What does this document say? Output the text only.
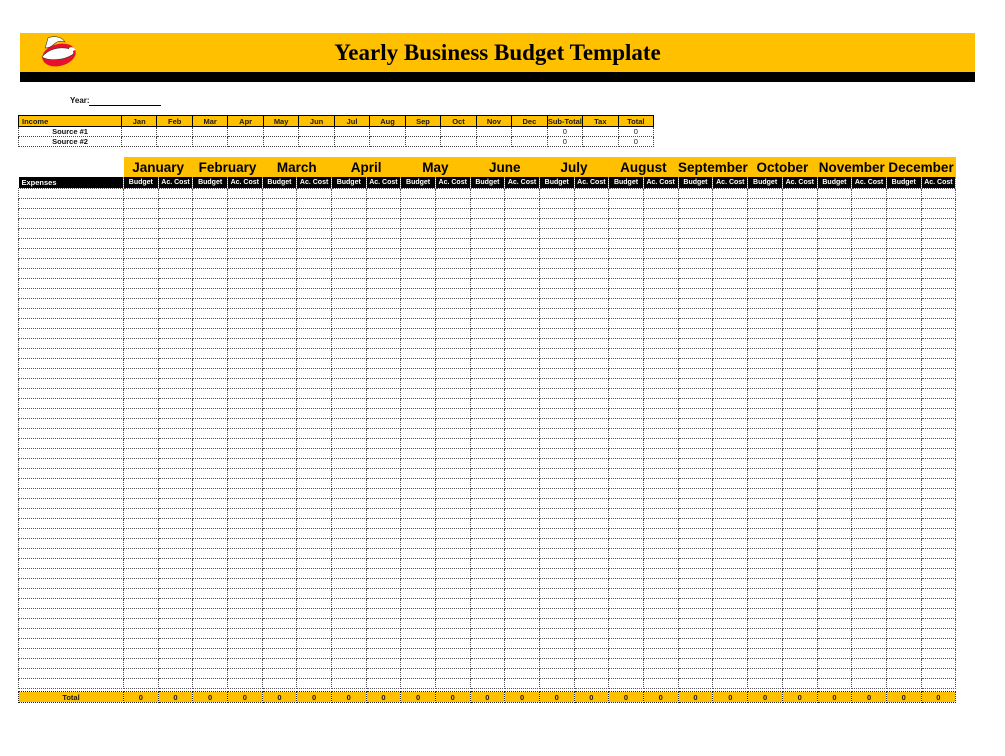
Yearly Business Budget Template
Year:
Income	Jan	Feb	Mar	Apr	May	Jun	Jul	Aug	Sep	Oct	Nov	Dec	Sub-Total	Tax	Total
Source #1													0		0
Source #2													0		0
	January		February		March		April		May		June		July		August		September		October		November		December	
Expenses	Budget	Ac. Cost	Budget	Ac. Cost	Budget	Ac. Cost	Budget	Ac. Cost	Budget	Ac. Cost	Budget	Ac. Cost	Budget	Ac. Cost	Budget	Ac. Cost	Budget	Ac. Cost	Budget	Ac. Cost	Budget	Ac. Cost	Budget	Ac. Cost

Total	0	0	0	0	0	0	0	0	0	0	0	0	0	0	0	0	0	0	0	0	0	0	0	0
